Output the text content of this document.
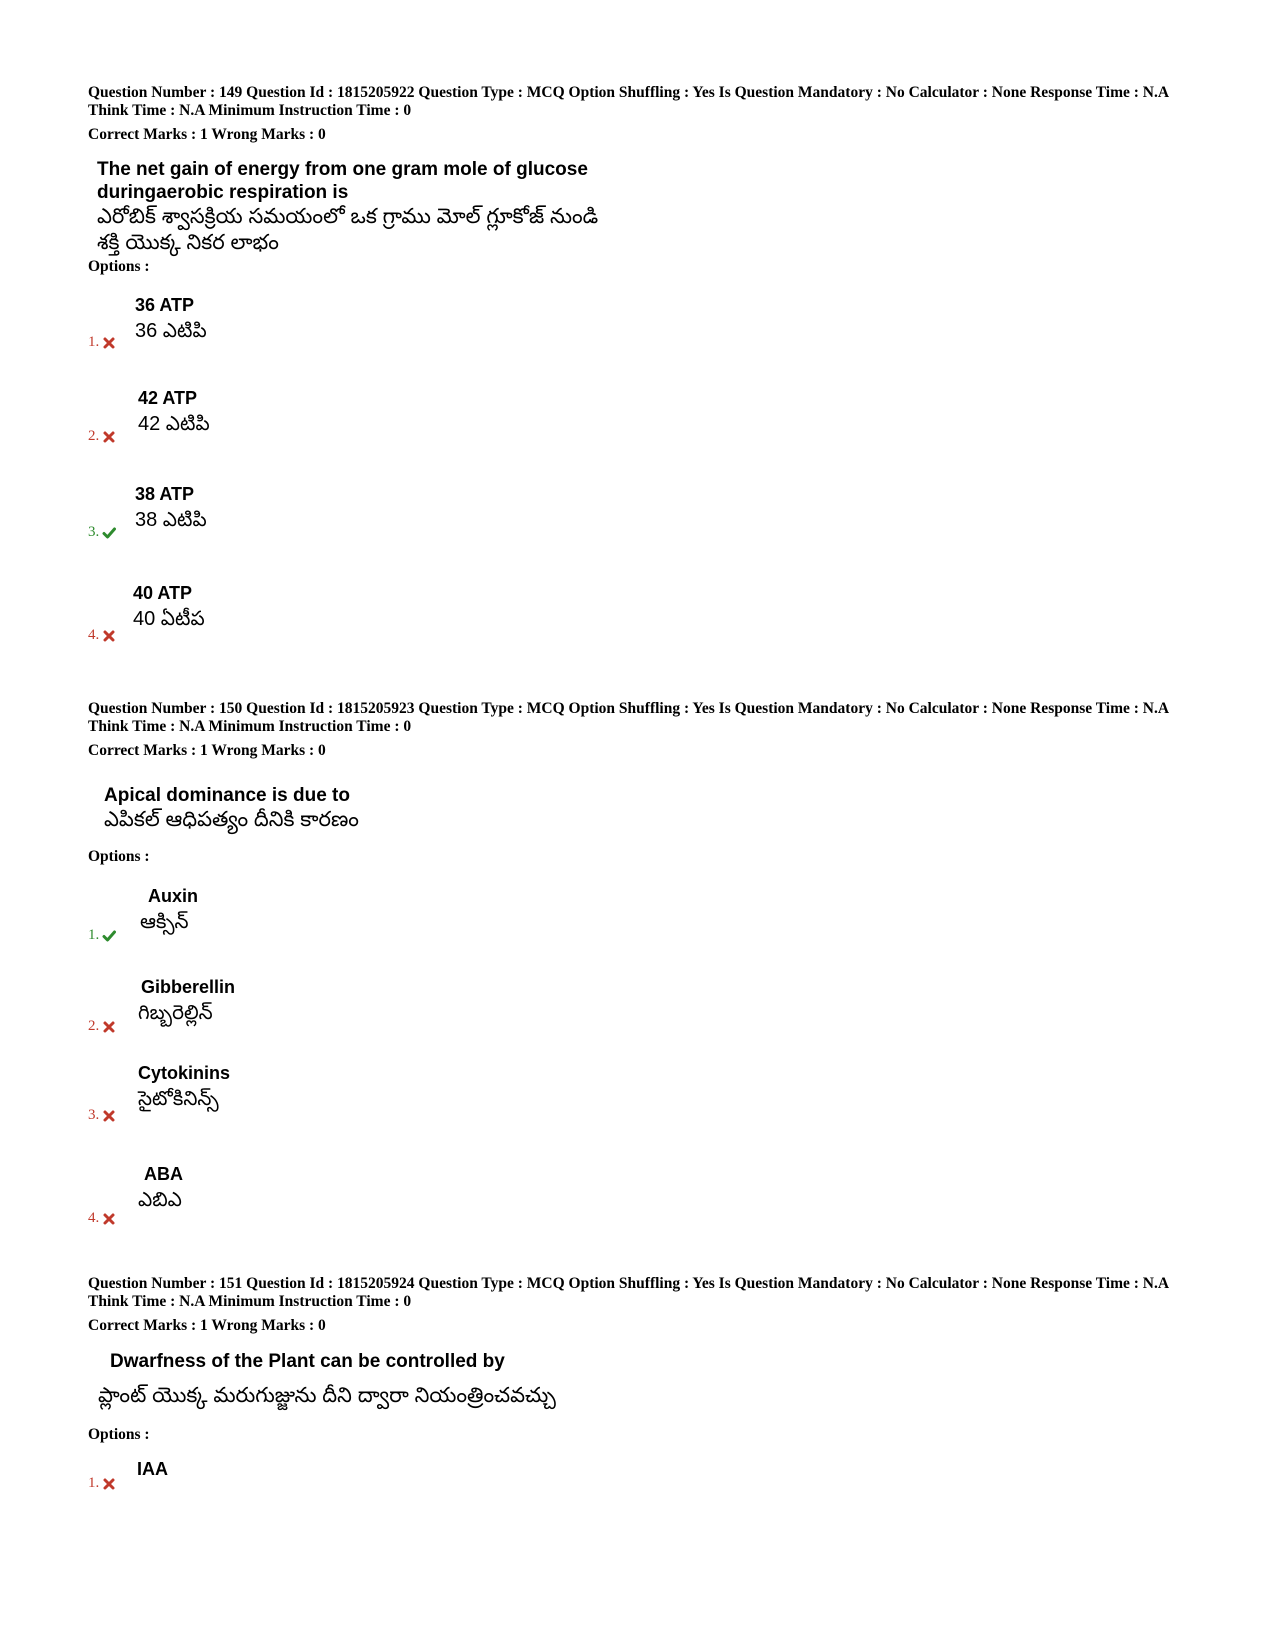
Question Number : 149 Question Id : 1815205922 Question Type : MCQ Option Shuffling : Yes Is Question Mandatory : No Calculator : None Response Time : N.A Think Time : N.A Minimum Instruction Time : 0
Correct Marks : 1 Wrong Marks : 0
The net gain of energy from one gram mole of glucose
duringaerobic respiration is
ఎరోబిక్ శ్వాసక్రియ సమయంలో ఒక గ్రాము మోల్ గ్లూకోజ్ నుండి
శక్తి యొక్క నికర లాభం
Options :
36 ATP
36 ఎటిపి
1.
42 ATP
42 ఎటిపి
2.
38 ATP
38 ఎటిపి
3.
40 ATP
40 ఏటీప
4.
Question Number : 150 Question Id : 1815205923 Question Type : MCQ Option Shuffling : Yes Is Question Mandatory : No Calculator : None Response Time : N.A Think Time : N.A Minimum Instruction Time : 0
Correct Marks : 1 Wrong Marks : 0
Apical dominance is due to
ఎపికల్ ఆధిపత్యం దీనికి కారణం
Options :
Auxin
ఆక్సిన్
1.
Gibberellin
గిబ్బరెల్లిన్
2.
Cytokinins
సైటోకినిన్స్
3.
ABA
ఎబిఎ
4.
Question Number : 151 Question Id : 1815205924 Question Type : MCQ Option Shuffling : Yes Is Question Mandatory : No Calculator : None Response Time : N.A Think Time : N.A Minimum Instruction Time : 0
Correct Marks : 1 Wrong Marks : 0
Dwarfness of the Plant can be controlled by
ప్లాంట్ యొక్క మరుగుజ్జును దీని ద్వారా నియంత్రించవచ్చు
Options :
IAA
1.
